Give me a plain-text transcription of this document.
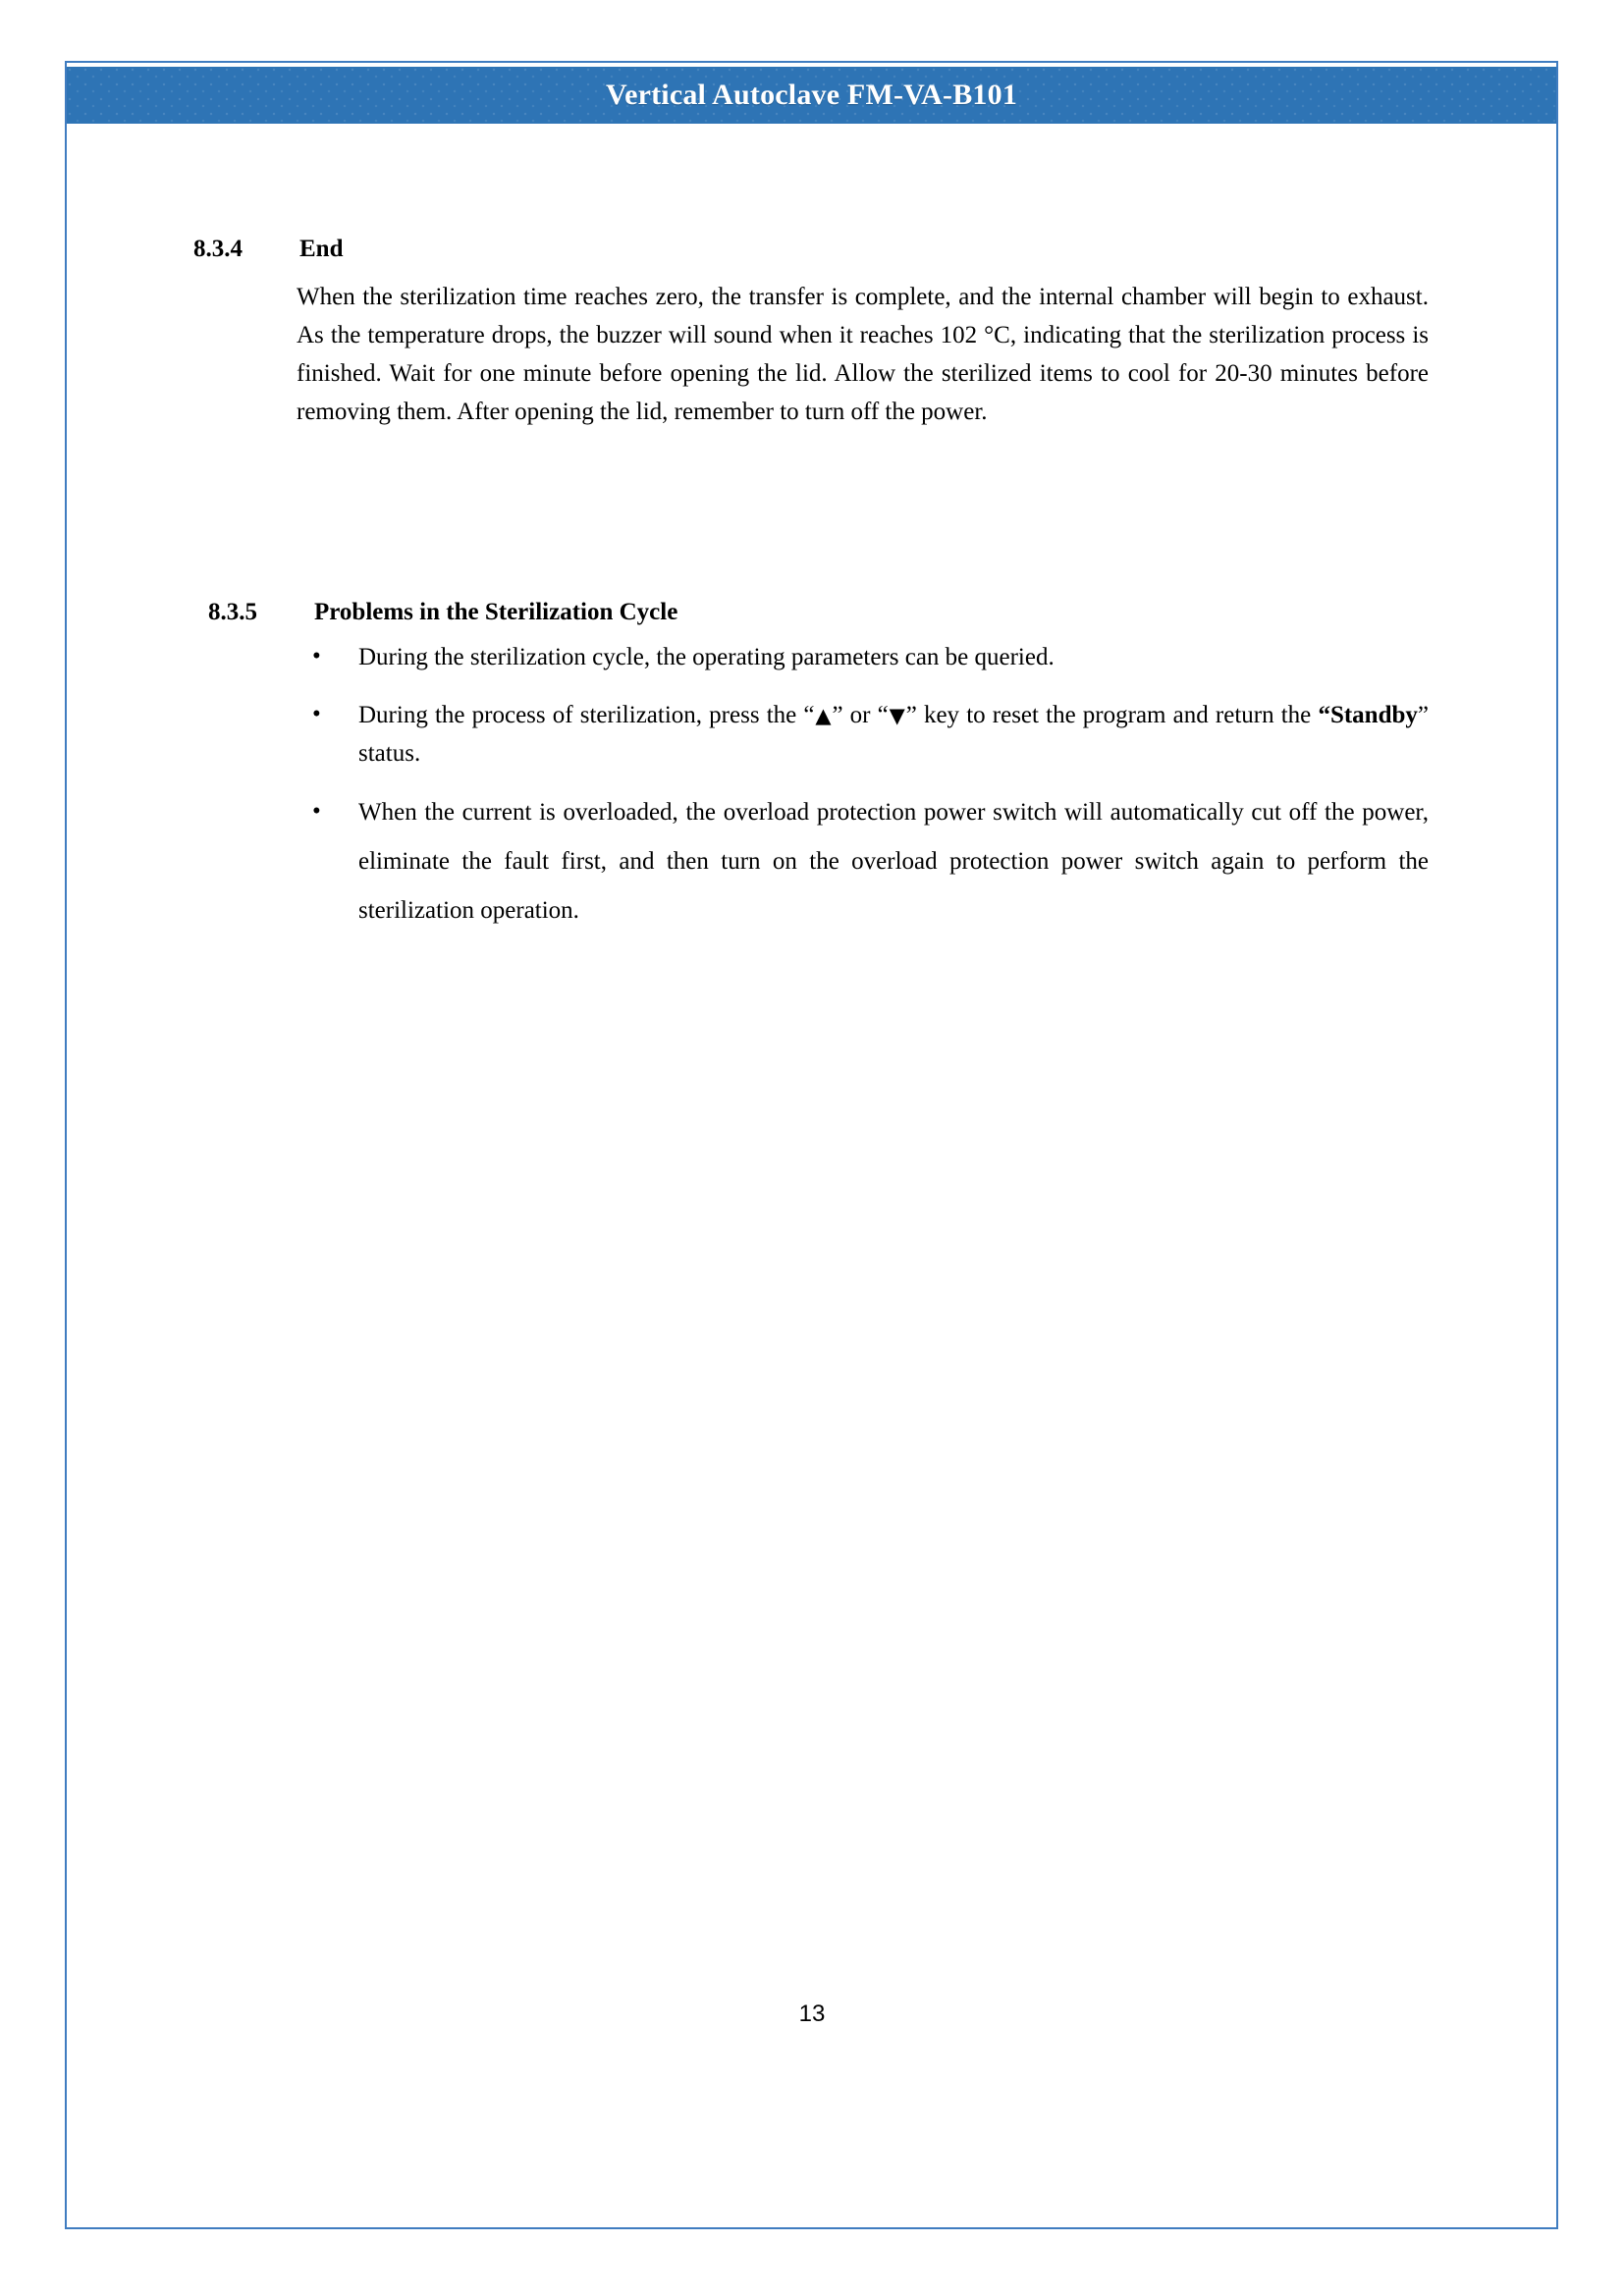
Vertical Autoclave FM-VA-B101
8.3.4	End
When the sterilization time reaches zero, the transfer is complete, and the internal chamber will begin to exhaust. As the temperature drops, the buzzer will sound when it reaches 102 °C, indicating that the sterilization process is finished. Wait for one minute before opening the lid. Allow the sterilized items to cool for 20-30 minutes before removing them. After opening the lid, remember to turn off the power.
8.3.5	Problems in the Sterilization Cycle
• During the sterilization cycle, the operating parameters can be queried.
• During the process of sterilization, press the “▲” or “▼” key to reset the program and return the “Standby” status.
• When the current is overloaded, the overload protection power switch will automatically cut off the power, eliminate the fault first, and then turn on the overload protection power switch again to perform the sterilization operation.
13
